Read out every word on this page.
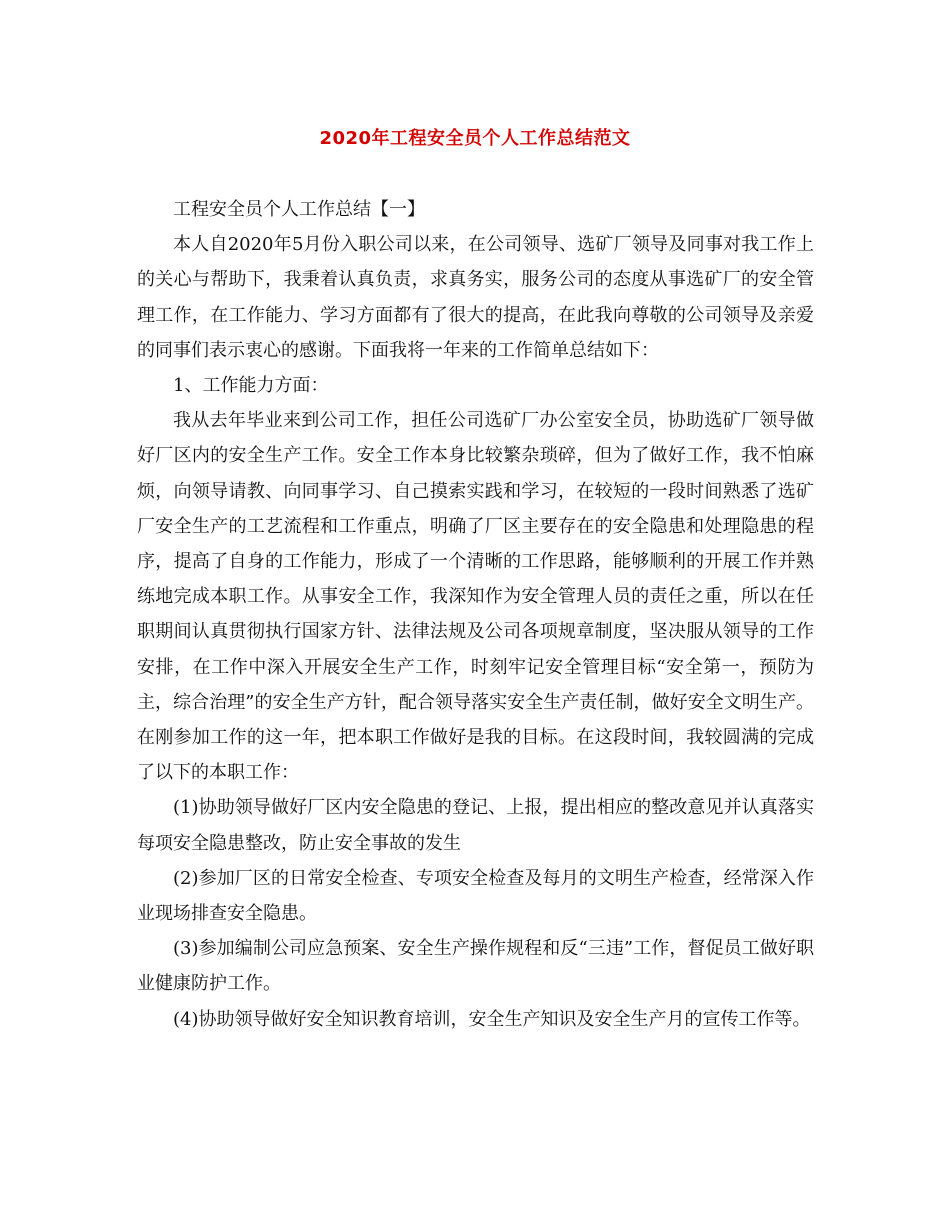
2020年工程安全员个人工作总结范文

工程安全员个人工作总结【一】

本人自2020年5月份入职公司以来，在公司领导、选矿厂领导及同事对我工作上的关心与帮助下，我秉着认真负责，求真务实，服务公司的态度从事选矿厂的安全管理工作，在工作能力、学习方面都有了很大的提高，在此我向尊敬的公司领导及亲爱的同事们表示衷心的感谢。下面我将一年来的工作简单总结如下：

1、工作能力方面：

我从去年毕业来到公司工作，担任公司选矿厂办公室安全员，协助选矿厂领导做好厂区内的安全生产工作。安全工作本身比较繁杂琐碎，但为了做好工作，我不怕麻烦，向领导请教、向同事学习、自己摸索实践和学习，在较短的一段时间熟悉了选矿厂安全生产的工艺流程和工作重点，明确了厂区主要存在的安全隐患和处理隐患的程序，提高了自身的工作能力，形成了一个清晰的工作思路，能够顺利的开展工作并熟练地完成本职工作。从事安全工作，我深知作为安全管理人员的责任之重，所以在任职期间认真贯彻执行国家方针、法律法规及公司各项规章制度，坚决服从领导的工作安排，在工作中深入开展安全生产工作，时刻牢记安全管理目标“安全第一，预防为主，综合治理”的安全生产方针，配合领导落实安全生产责任制，做好安全文明生产。在刚参加工作的这一年，把本职工作做好是我的目标。在这段时间，我较圆满的完成了以下的本职工作：

(1)协助领导做好厂区内安全隐患的登记、上报，提出相应的整改意见并认真落实每项安全隐患整改，防止安全事故的发生

(2)参加厂区的日常安全检查、专项安全检查及每月的文明生产检查，经常深入作业现场排查安全隐患。

(3)参加编制公司应急预案、安全生产操作规程和反“三违”工作，督促员工做好职业健康防护工作。

(4)协助领导做好安全知识教育培训，安全生产知识及安全生产月的宣传工作等。
